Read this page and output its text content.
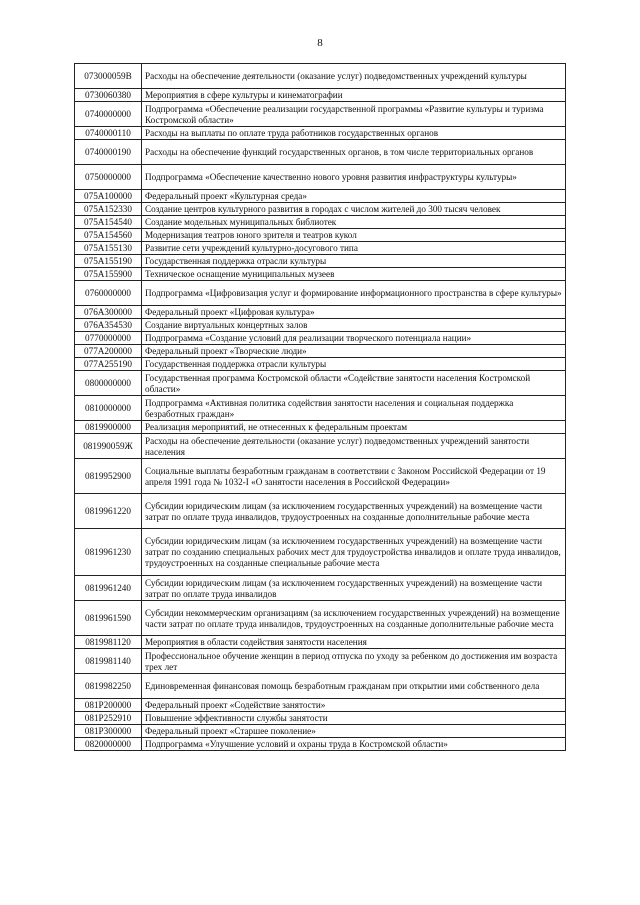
8
073000059В	Расходы на обеспечение деятельности (оказание услуг) подведомственных учреждений культуры
0730060380	Мероприятия в сфере культуры и кинематографии
0740000000	Подпрограмма «Обеспечение реализации государственной программы «Развитие культуры и туризма Костромской области»
0740000110	Расходы на выплаты по оплате труда работников государственных органов
0740000190	Расходы на обеспечение функций государственных органов, в том числе территориальных органов
0750000000	Подпрограмма «Обеспечение качественно нового уровня развития инфраструктуры культуры»
075А100000	Федеральный проект «Культурная среда»
075А152330	Создание центров культурного развития в городах с числом жителей до 300 тысяч человек
075А154540	Создание модельных муниципальных библиотек
075А154560	Модернизация театров юного зрителя и театров кукол
075А155130	Развитие сети учреждений культурно-досугового типа
075А155190	Государственная поддержка отрасли культуры
075А155900	Техническое оснащение муниципальных музеев
0760000000	Подпрограмма «Цифровизация услуг и формирование информационного пространства в сфере культуры»
076А300000	Федеральный проект «Цифровая культура»
076А354530	Создание виртуальных концертных залов
0770000000	Подпрограмма «Создание условий для реализации творческого потенциала нации»
077А200000	Федеральный проект «Творческие люди»
077А255190	Государственная поддержка отрасли культуры
0800000000	Государственная программа Костромской области «Содействие занятости населения Костромской области»
0810000000	Подпрограмма «Активная политика содействия занятости населения и социальная поддержка безработных граждан»
0819900000	Реализация мероприятий, не отнесенных к федеральным проектам
081990059Ж	Расходы на обеспечение деятельности (оказание услуг) подведомственных учреждений занятости населения
0819952900	Социальные выплаты безработным гражданам в соответствии с Законом Российской Федерации от 19 апреля 1991 года № 1032-I «О занятости населения в Российской Федерации»
0819961220	Субсидии юридическим лицам (за исключением государственных учреждений) на возмещение части затрат по оплате труда инвалидов, трудоустроенных на созданные дополнительные рабочие места
0819961230	Субсидии юридическим лицам (за исключением государственных учреждений) на возмещение части затрат по созданию специальных рабочих мест для трудоустройства инвалидов и оплате труда инвалидов, трудоустроенных на созданные специальные рабочие места
0819961240	Субсидии юридическим лицам (за исключением государственных учреждений) на возмещение части затрат по оплате труда инвалидов
0819961590	Субсидии некоммерческим организациям (за исключением государственных учреждений) на возмещение части затрат по оплате труда инвалидов, трудоустроенных на созданные дополнительные рабочие места
0819981120	Мероприятия в области содействия занятости населения
0819981140	Профессиональное обучение женщин в период отпуска по уходу за ребенком до достижения им возраста трех лет
0819982250	Единовременная финансовая помощь безработным гражданам при открытии ими собственного дела
081Р200000	Федеральный проект «Содействие занятости»
081Р252910	Повышение эффективности службы занятости
081Р300000	Федеральный проект «Старшее поколение»
0820000000	Подпрограмма «Улучшение условий и охраны труда в Костромской области»
